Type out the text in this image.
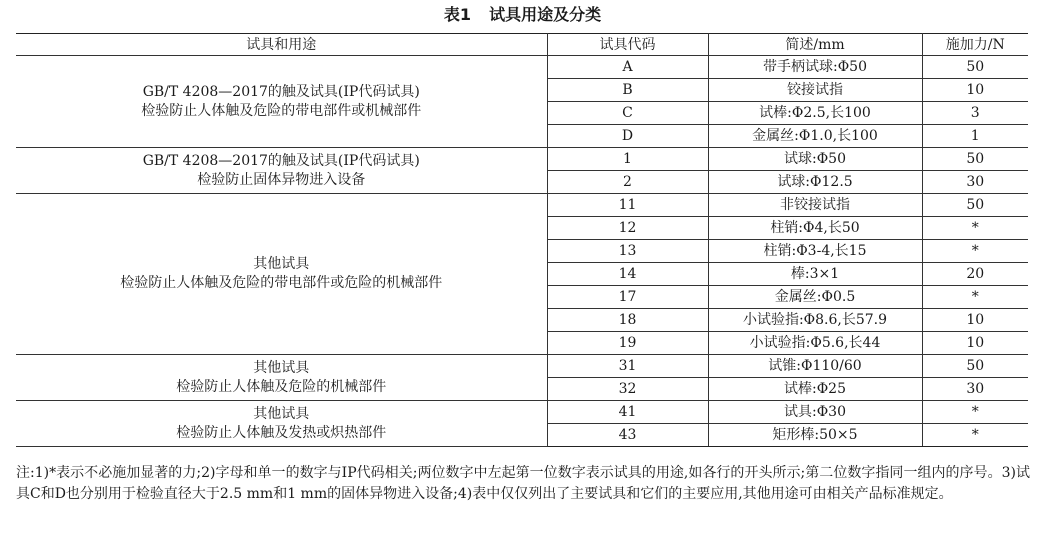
表1 试具用途及分类
试具和用途	试具代码	简述/mm	施加力/N

GB/T 4208—2017的触及试具(IP代码试具)
检验防止人体触及危险的带电部件或机械部件	A	带手柄试球:Φ50	50
	B	铰接试指	10
	C	试棒:Φ2.5,长100	3
	D	金属丝:Φ1.0,长100	1

GB/T 4208—2017的触及试具(IP代码试具)
检验防止固体异物进入设备	1	试球:Φ50	50
	2	试球:Φ12.5	30

其他试具
检验防止人体触及危险的带电部件或危险的机械部件	11	非铰接试指	50
	12	柱销:Φ4,长50	*
	13	柱销:Φ3-4,长15	*
	14	棒:3×1	20
	17	金属丝:Φ0.5	*
	18	小试验指:Φ8.6,长57.9	10
	19	小试验指:Φ5.6,长44	10

其他试具
检验防止人体触及危险的机械部件	31	试锥:Φ110/60	50
	32	试棒:Φ25	30

其他试具
检验防止人体触及发热或炽热部件	41	试具:Φ30	*
	43	矩形棒:50×5	*
注:1)*表示不必施加显著的力;2)字母和单一的数字与IP代码相关;两位数字中左起第一位数字表示试具的用途,如各行的开头所示;第二位数字指同一组内的序号。3)试具C和D也分别用于检验直径大于2.5 mm和1 mm的固体异物进入设备;4)表中仅仅列出了主要试具和它们的主要应用,其他用途可由相关产品标准规定。
